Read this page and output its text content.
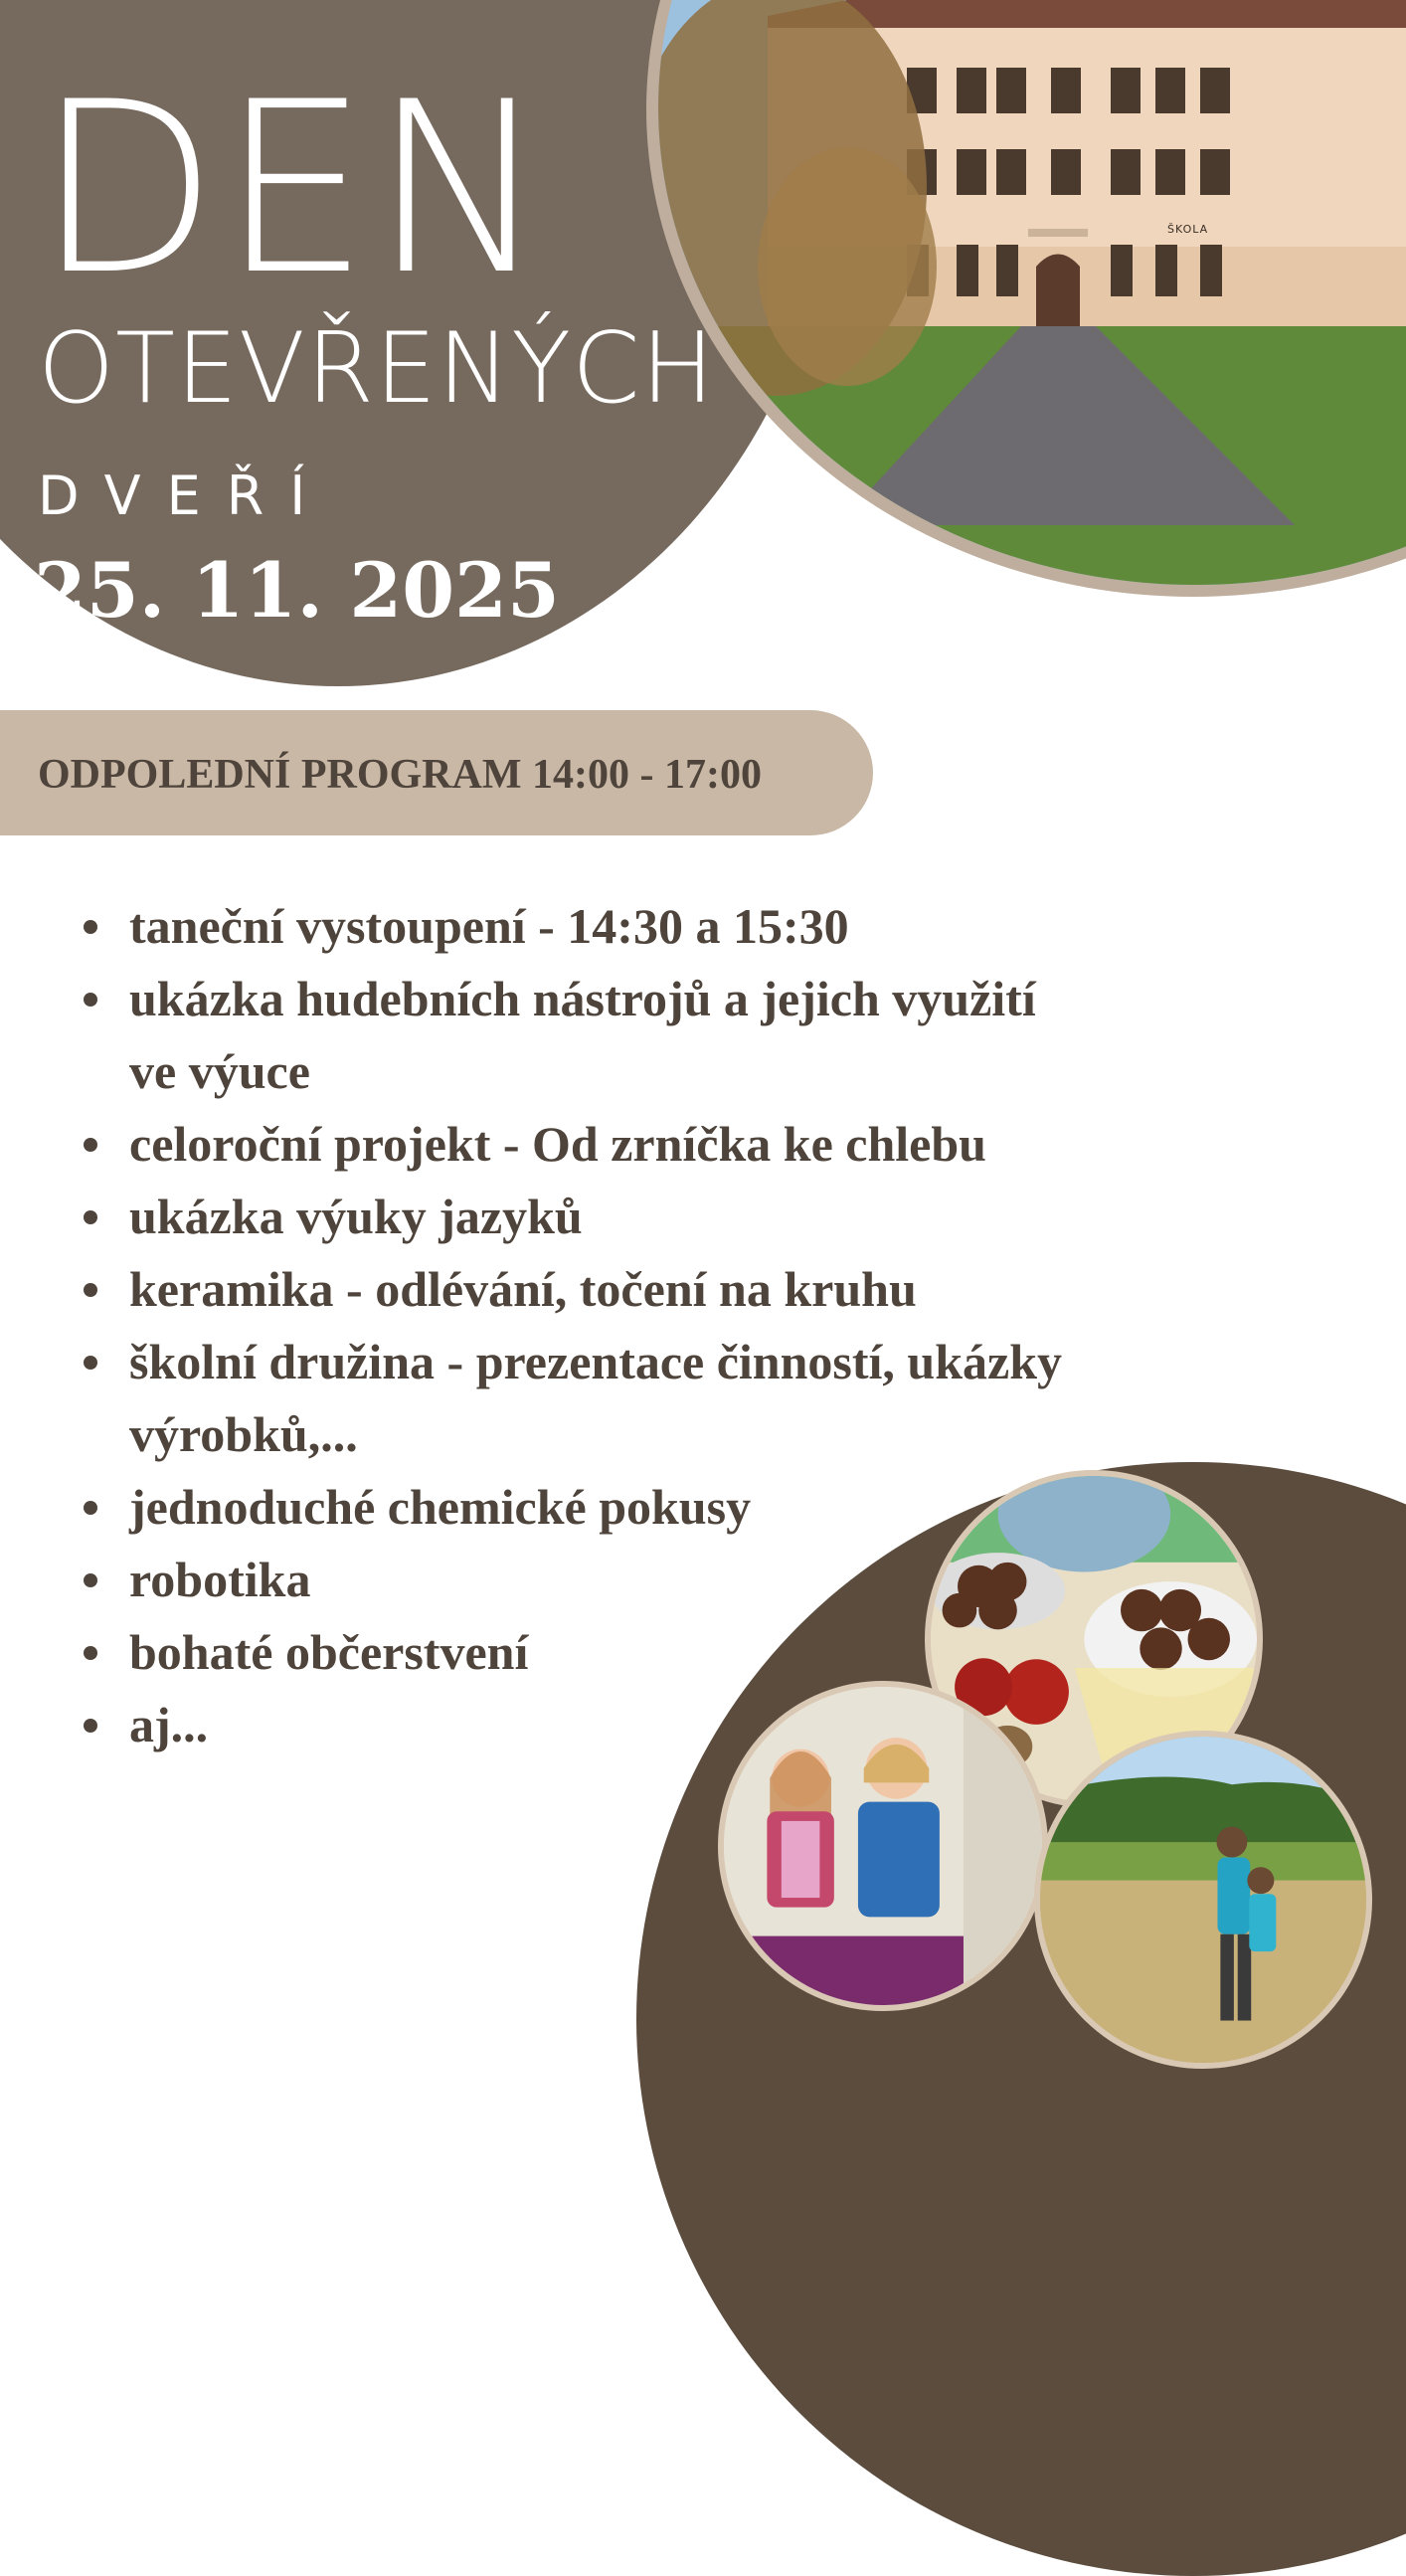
ŠKOLA
DEN
OTEVŘENÝCH
DVEŘÍ
25. 11. 2025
ODPOLEDNÍ PROGRAM 14:00 - 17:00
taneční vystoupení - 14:30 a 15:30
ukázka hudebních nástrojů a jejich využití ve výuce
celoroční projekt - Od zrníčka ke chlebu
ukázka výuky jazyků
keramika - odlévání, točení na kruhu
školní družina - prezentace činností, ukázky výrobků,...
jednoduché chemické pokusy
robotika
bohaté občerstvení
aj...
